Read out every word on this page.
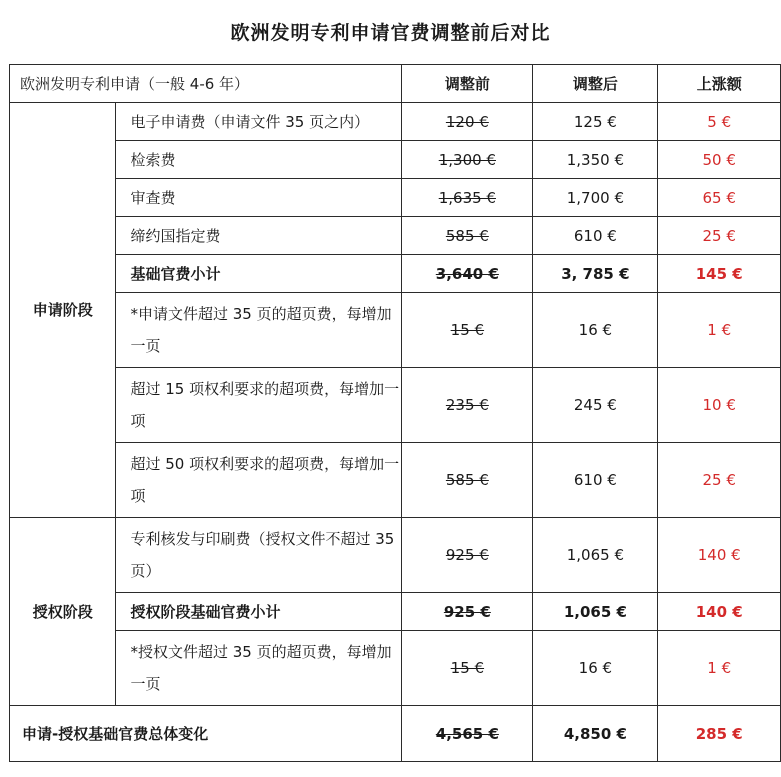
欧洲发明专利申请官费调整前后对比
欧洲发明专利申请（一般 4-6 年）		调整前	调整后	上涨额
申请阶段	电子申请费（申请文件 35 页之内）	120 €	125 €	5 €
	检索费	1,300 €	1,350 €	50 €
	审查费	1,635 €	1,700 €	65 €
	缔约国指定费	585 €	610 €	25 €
	基础官费小计	3,640 €	3, 785 €	145 €
	*申请文件超过 35 页的超页费，每增加一页	15 €	16 €	1 €
	超过 15 项权利要求的超项费，每增加一项	235 €	245 €	10 €
	超过 50 项权利要求的超项费，每增加一项	585 €	610 €	25 €
授权阶段	专利核发与印刷费（授权文件不超过 35 页）	925 €	1,065 €	140 €
	授权阶段基础官费小计	925 €	1,065 €	140 €
	*授权文件超过 35 页的超页费，每增加一页	15 €	16 €	1 €
申请-授权基础官费总体变化		4,565 €	4,850 €	285 €
